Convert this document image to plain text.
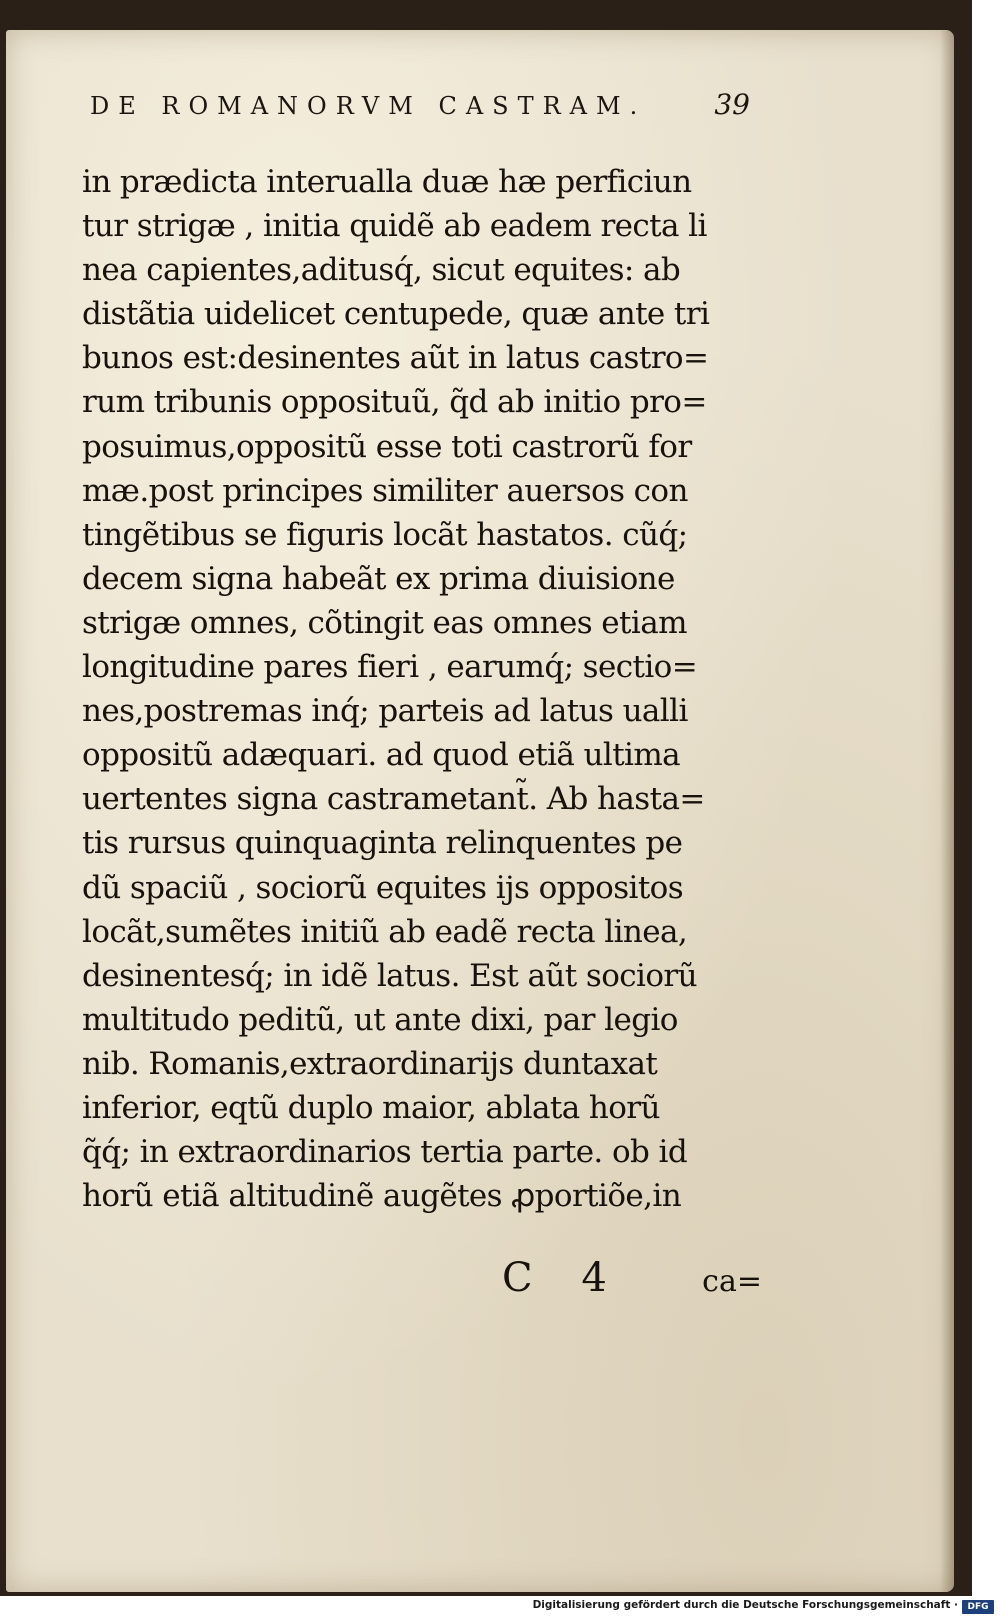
DE ROMANORVM CASTRAM. 39
in prædicta interualla duæ hæ perficiun
tur strigæ , initia quidẽ ab eadem recta li
nea capientes,aditusq́, sicut equites: ab
distãtia uidelicet centupede, quæ ante tri
bunos est:desinentes aũt in latus castro=
rum tribunis opposituũ, q̃d ab initio pro=
posuimus,oppositũ esse toti castrorũ for
mæ.post principes similiter auersos con
tingẽtibus se figuris locãt hastatos. cũq́;
decem signa habeãt ex prima diuisione
strigæ omnes, cõtingit eas omnes etiam
longitudine pares fieri , earumq́; sectio=
nes,postremas inq́; parteis ad latus ualli
oppositũ adæquari. ad quod etiã ultima
uertentes signa castrametant̃. Ab hasta=
tis rursus quinquaginta relinquentes pe
dũ spaciũ , sociorũ equites ijs oppositos
locãt,sumẽtes initiũ ab eadẽ recta linea,
desinentesq́; in idẽ latus. Est aũt sociorũ
multitudo peditũ, ut ante dixi, par legio
nib. Romanis,extraordinarijs duntaxat
inferior, eqtũ duplo maior, ablata horũ
q̃q́; in extraordinarios tertia parte. ob id
horũ etiã altitudinẽ augẽtes ꝓportiõe,in
C 4	ca=
Digitalisierung gefördert durch die Deutsche Forschungsgemeinschaft ·	DFG
